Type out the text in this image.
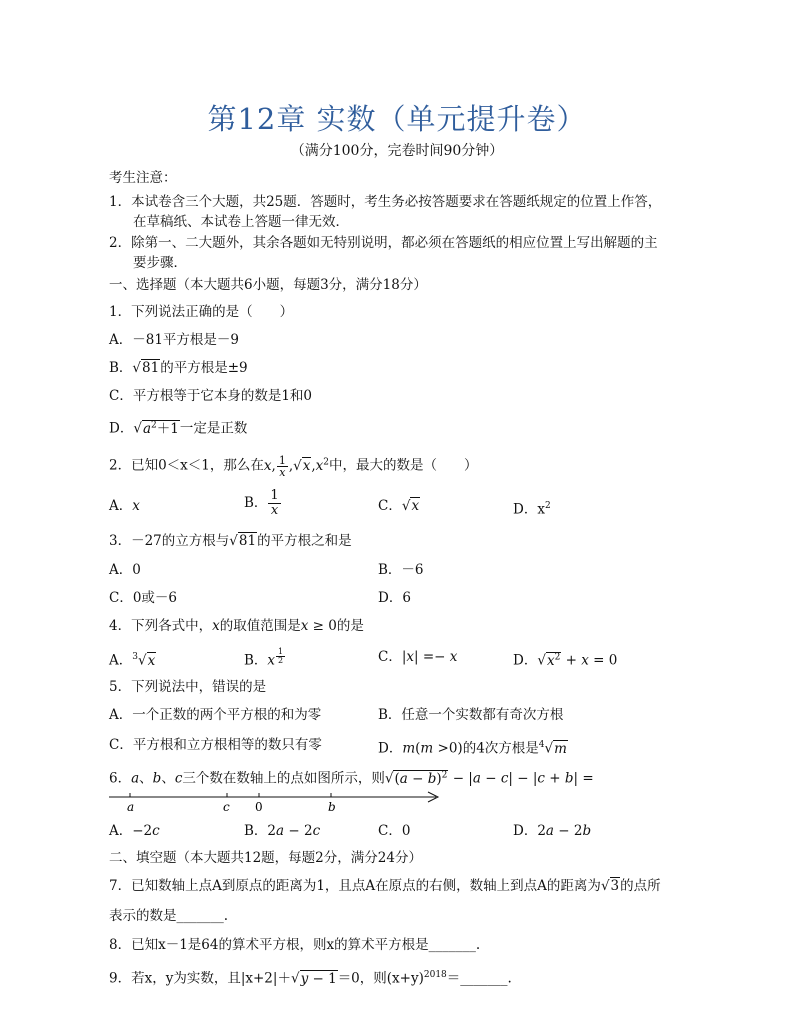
第12章 实数（单元提升卷）
（满分100分，完卷时间90分钟）
考生注意：
1．本试卷含三个大题，共25题．答题时，考生务必按答题要求在答题纸规定的位置上作答，
在草稿纸、本试卷上答题一律无效．
2．除第一、二大题外，其余各题如无特别说明，都必须在答题纸的相应位置上写出解题的主
要步骤．
一、选择题（本大题共6小题，每题3分，满分18分）
1．下列说法正确的是（　　）
A．－81平方根是－9
B．√81的平方根是±9
C．平方根等于它本身的数是1和0
D．$√a^2+1$一定是正数
2．已知0＜x＜1，那么在x, $\frac{1}{x} ,√x,x^2$中，最大的数是（　　）
A．x	B． $\frac{1}{x}$	C．√x	D．$x^2$
3．－27的立方根与√81的平方根之和是
A．0	B．－6
C．0或－6	D．6
4．下列各式中，x的取值范围是x ≥ 0的是
A．$^3$√x	B．x $^{\frac{1}{2}}$	C．|x| =− x	D．$√x^2 + x = 0$
5．下列说法中，错误的是
A．一个正数的两个平方根的和为零	B．任意一个实数都有奇次方根
C．平方根和立方根相等的数只有零	D．m(m >0)的4次方根是$^4$√m
6．a、b、c三个数在数轴上的点如图所示，则$√(a - b)^2 - |a - c| - |c + b|$ =
a	c 0	b
A．−2c	B．2a − 2c	C．0	D．2a − 2b
二、填空题（本大题共12题，每题2分，满分24分）
7．已知数轴上点A到原点的距离为1，且点A在原点的右侧，数轴上到点A的距离为√3的点所
表示的数是_______.
8．已知x－1是64的算术平方根，则x的算术平方根是_______.
9．若x，y为实数，且|x+2|＋√y − 1＝0，则$(x+y)^{2018}=\_\_\_\_\_\_\_$.
